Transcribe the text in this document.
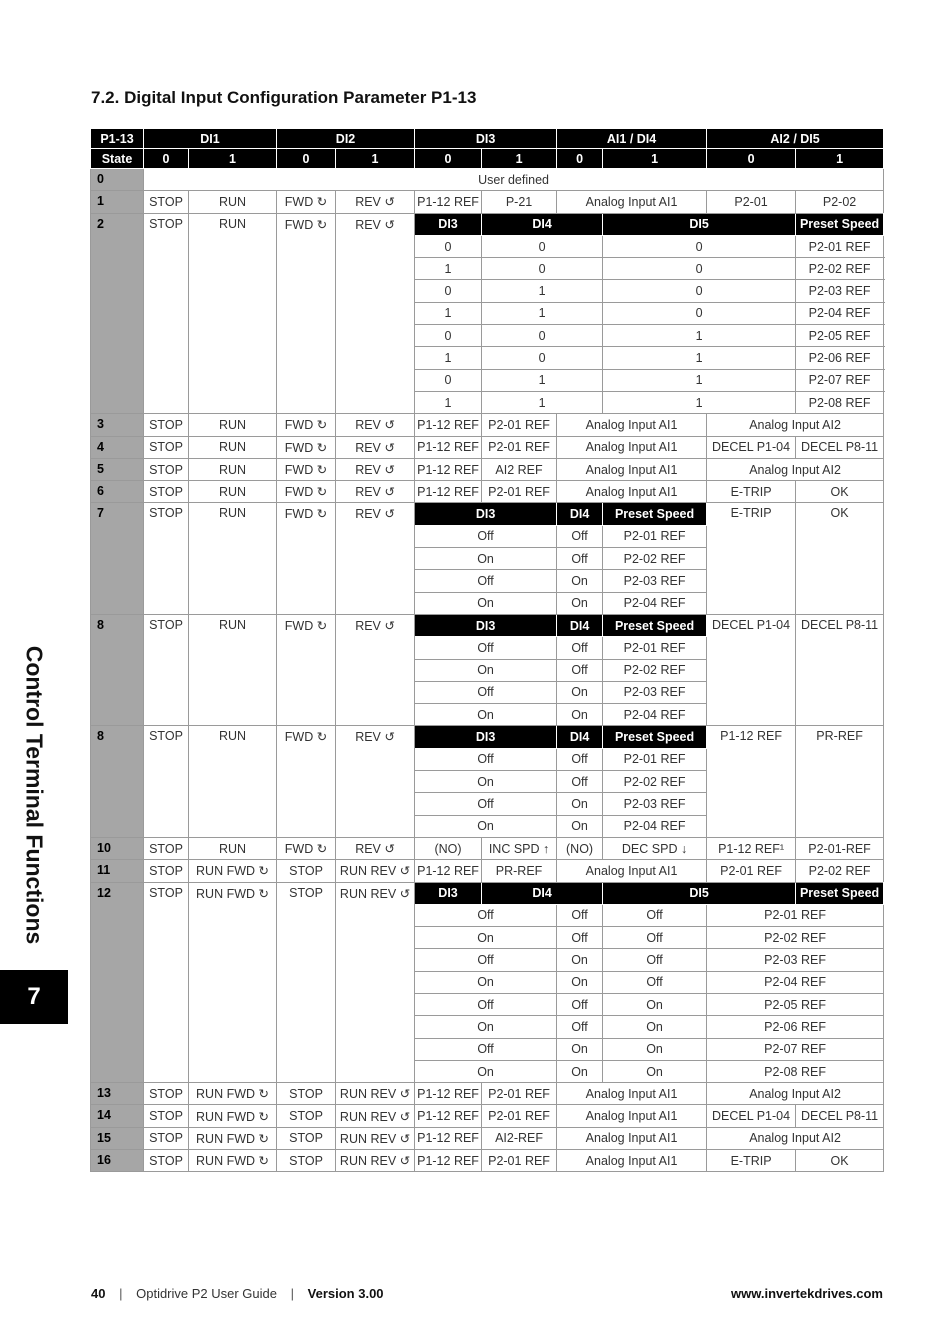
7.2. Digital Input Configuration Parameter P1-13
Control Terminal Functions
7
P1-13	DI1		DI2		DI3		AI1 / DI4		AI2 / DI5	
State	0	1	0	1	0	1	0	1	0	1
0	User defined									
1	STOP	RUN	FWD ↻	REV ↺	P1-12 REF	P-21	Analog Input AI1		P2-01	P2-02
2	STOP	RUN	FWD ↻	REV ↺	DI3	DI4		DI5		Preset Speed
					0	0		0		P2-01 REF
					1	0		0		P2-02 REF
					0	1		0		P2-03 REF
					1	1		0		P2-04 REF
					0	0		1		P2-05 REF
					1	0		1		P2-06 REF
					0	1		1		P2-07 REF
					1	1		1		P2-08 REF
3	STOP	RUN	FWD ↻	REV ↺	P1-12 REF	P2-01 REF	Analog Input AI1		Analog Input AI2	
4	STOP	RUN	FWD ↻	REV ↺	P1-12 REF	P2-01 REF	Analog Input AI1		DECEL P1-04	DECEL P8-11
5	STOP	RUN	FWD ↻	REV ↺	P1-12 REF	AI2 REF	Analog Input AI1		Analog Input AI2	
6	STOP	RUN	FWD ↻	REV ↺	P1-12 REF	P2-01 REF	Analog Input AI1		E-TRIP	OK
7	STOP	RUN	FWD ↻	REV ↺	DI3		DI4	Preset Speed	E-TRIP	OK
					Off		Off	P2-01 REF		
					On		Off	P2-02 REF		
					Off		On	P2-03 REF		
					On		On	P2-04 REF		
8	STOP	RUN	FWD ↻	REV ↺	DI3		DI4	Preset Speed	DECEL P1-04	DECEL P8-11
					Off		Off	P2-01 REF		
					On		Off	P2-02 REF		
					Off		On	P2-03 REF		
					On		On	P2-04 REF		
8	STOP	RUN	FWD ↻	REV ↺	DI3		DI4	Preset Speed	P1-12 REF	PR-REF
					Off		Off	P2-01 REF		
					On		Off	P2-02 REF		
					Off		On	P2-03 REF		
					On		On	P2-04 REF		
10	STOP	RUN	FWD ↻	REV ↺	(NO)	INC SPD ↑	(NO)	DEC SPD ↓	P1-12 REF¹	P2-01-REF
11	STOP	RUN FWD ↻	STOP	RUN REV ↺	P1-12 REF	PR-REF	Analog Input AI1		P2-01 REF	P2-02 REF
12	STOP	RUN FWD ↻	STOP	RUN REV ↺	DI3	DI4		DI5		Preset Speed
					Off		Off	Off	P2-01 REF	
					On		Off	Off	P2-02 REF	
					Off		On	Off	P2-03 REF	
					On		On	Off	P2-04 REF	
					Off		Off	On	P2-05 REF	
					On		Off	On	P2-06 REF	
					Off		On	On	P2-07 REF	
					On		On	On	P2-08 REF	
13	STOP	RUN FWD ↻	STOP	RUN REV ↺	P1-12 REF	P2-01 REF	Analog Input AI1		Analog Input AI2	
14	STOP	RUN FWD ↻	STOP	RUN REV ↺	P1-12 REF	P2-01 REF	Analog Input AI1		DECEL P1-04	DECEL P8-11
15	STOP	RUN FWD ↻	STOP	RUN REV ↺	P1-12 REF	AI2-REF	Analog Input AI1		Analog Input AI2	
16	STOP	RUN FWD ↻	STOP	RUN REV ↺	P1-12 REF	P2-01 REF	Analog Input AI1		E-TRIP	OK
40 | Optidrive P2 User Guide | Version 3.00	www.invertekdrives.com
